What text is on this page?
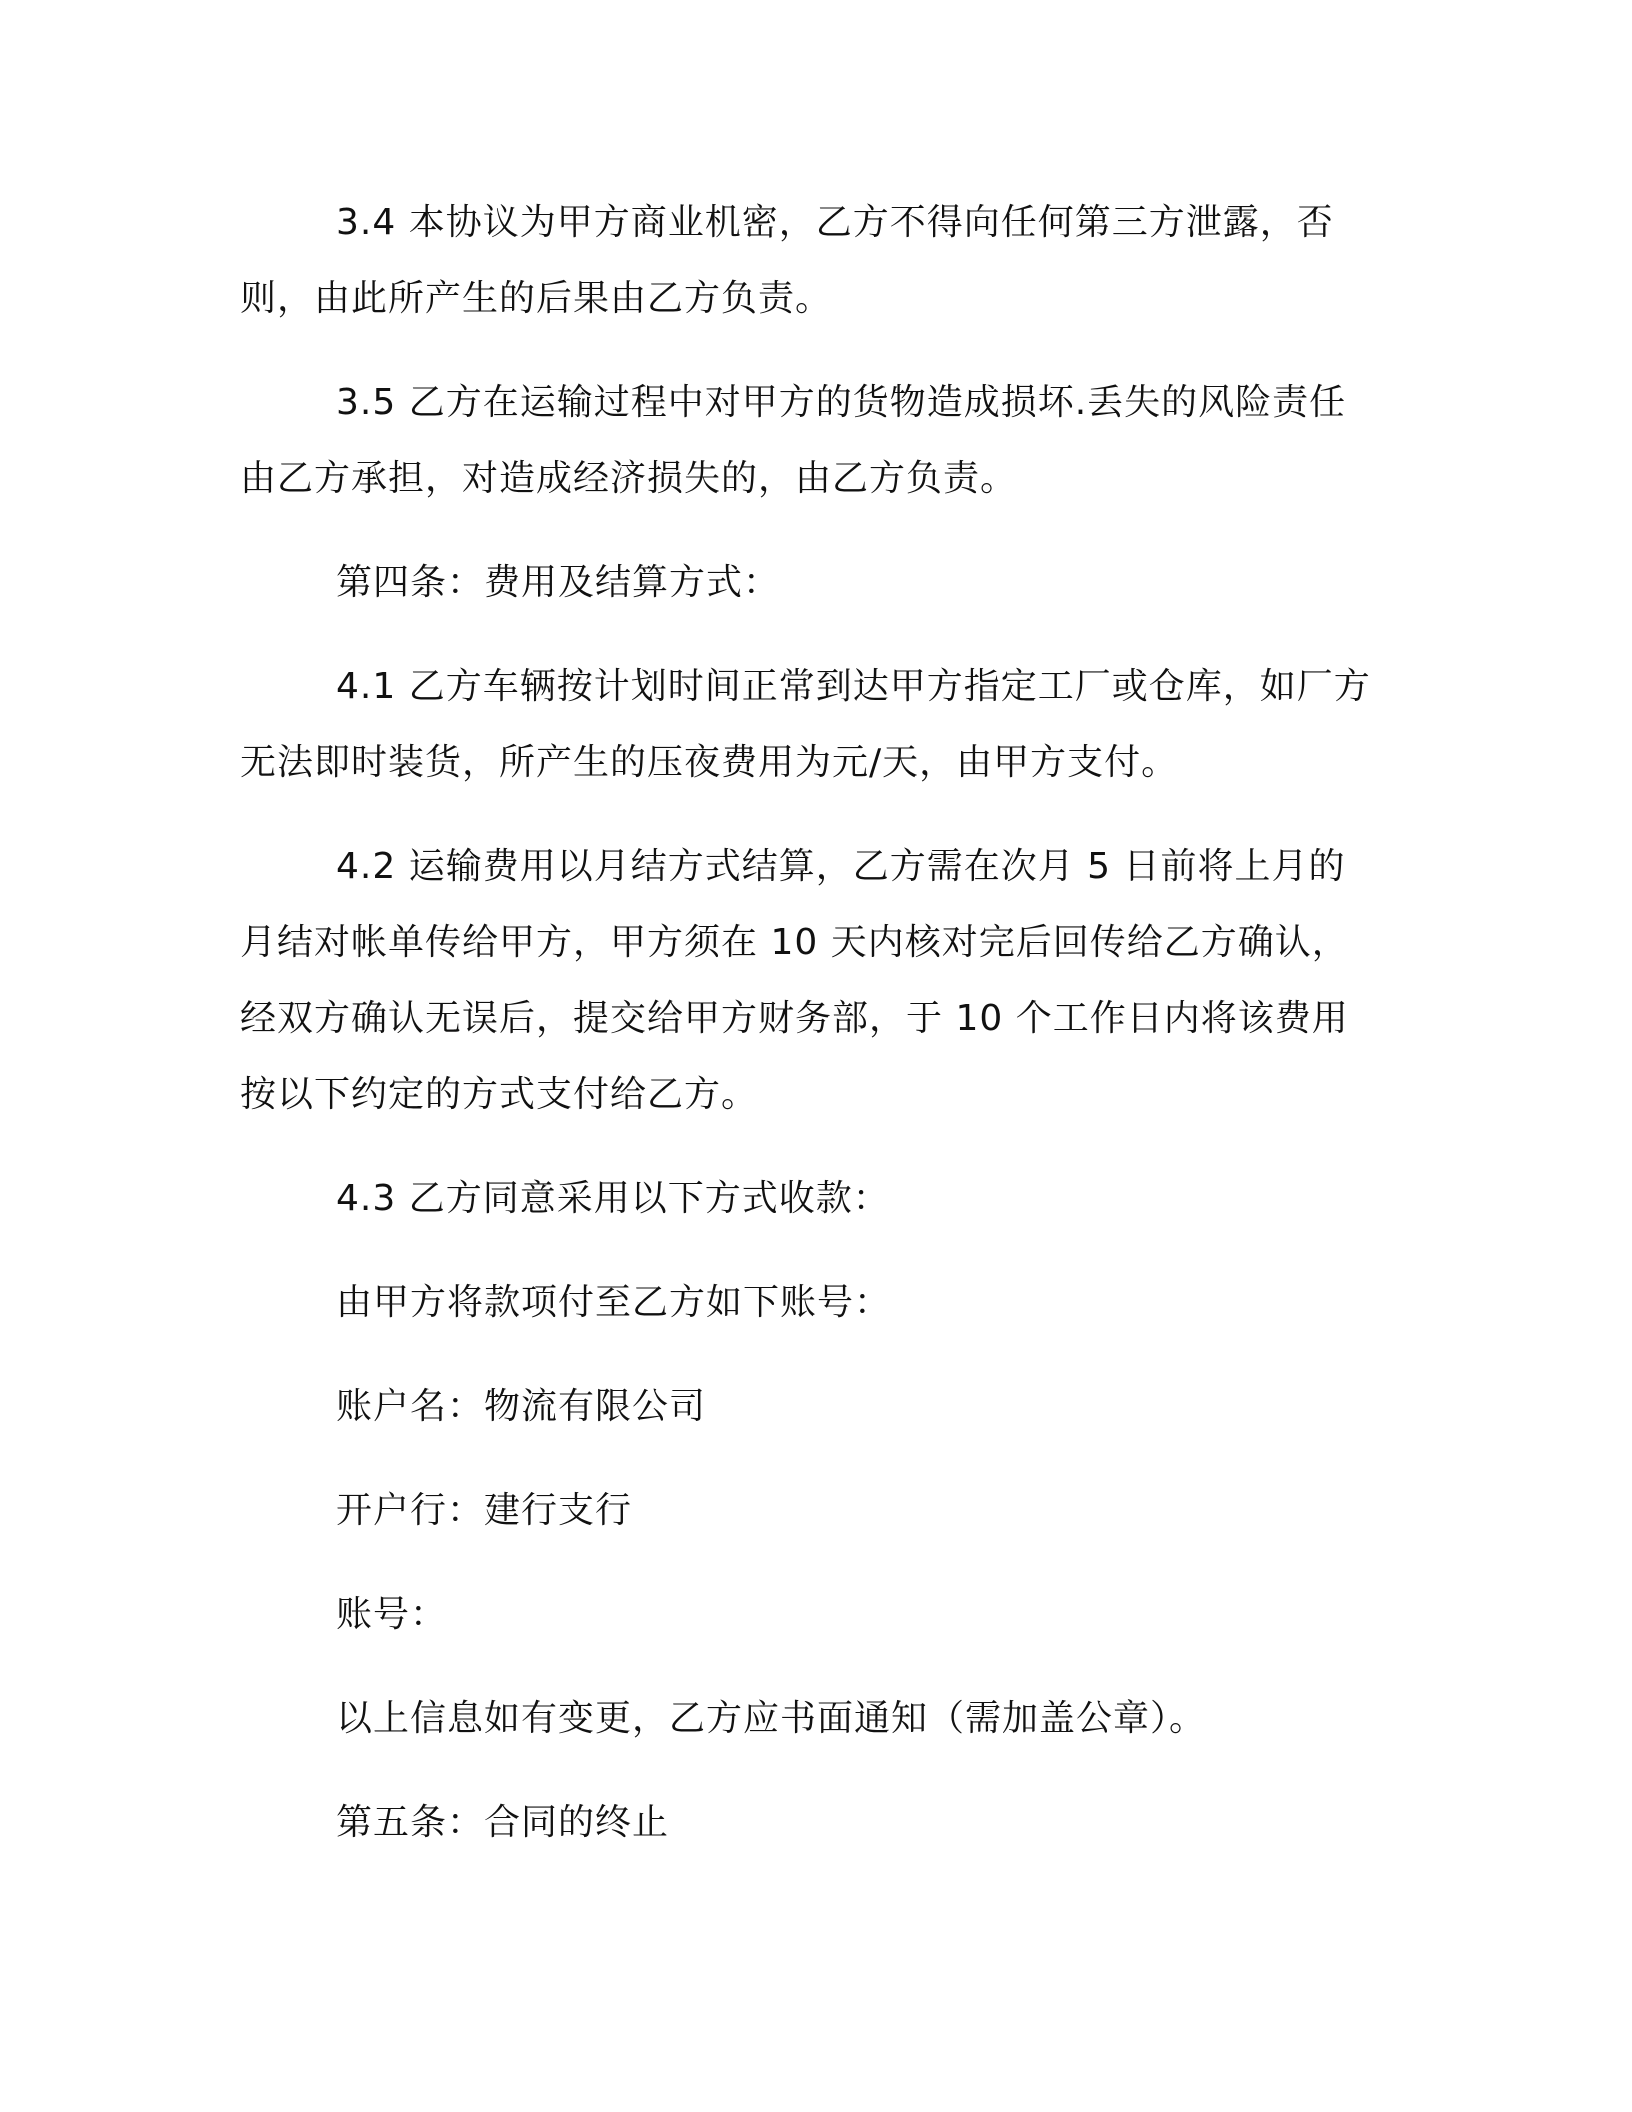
3.4 本协议为甲方商业机密，乙方不得向任何第三方泄露，否则，由此所产生的后果由乙方负责。

3.5 乙方在运输过程中对甲方的货物造成损坏.丢失的风险责任由乙方承担，对造成经济损失的，由乙方负责。

第四条：费用及结算方式：

4.1 乙方车辆按计划时间正常到达甲方指定工厂或仓库，如厂方无法即时装货，所产生的压夜费用为元/天，由甲方支付。

4.2 运输费用以月结方式结算，乙方需在次月 5 日前将上月的月结对帐单传给甲方，甲方须在 10 天内核对完后回传给乙方确认，经双方确认无误后，提交给甲方财务部，于 10 个工作日内将该费用按以下约定的方式支付给乙方。

4.3 乙方同意采用以下方式收款：

由甲方将款项付至乙方如下账号：

账户名：物流有限公司

开户行：建行支行

账号：

以上信息如有变更，乙方应书面通知（需加盖公章）。

第五条：合同的终止
